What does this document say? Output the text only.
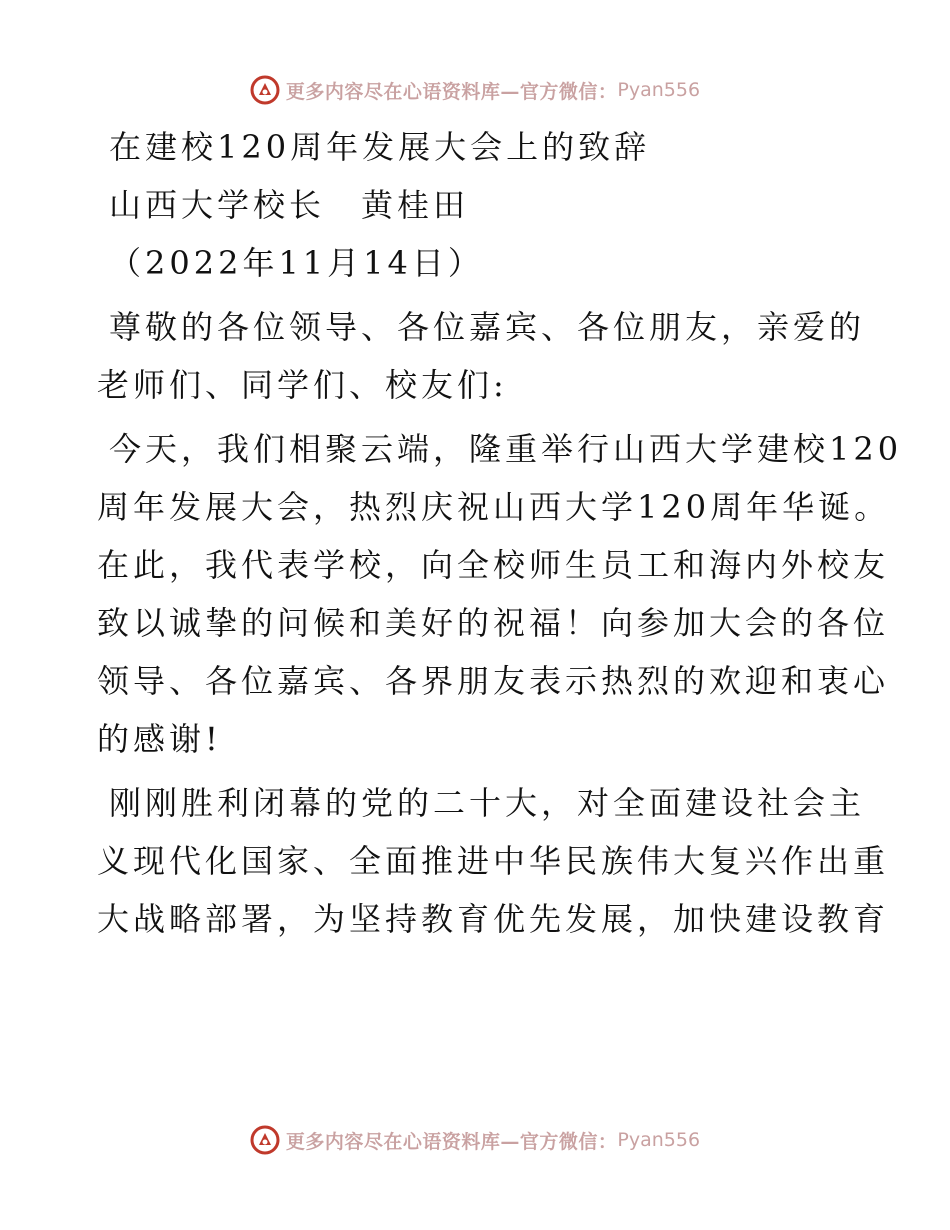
更多内容尽在心语资料库—官方微信： Pyan556
在建校120周年发展大会上的致辞
山西大学校长　黄桂田
（2022年11月14日）
尊敬的各位领导、各位嘉宾、各位朋友，亲爱的
老师们、同学们、校友们:
今天，我们相聚云端，隆重举行山西大学建校120
周年发展大会，热烈庆祝山西大学120周年华诞。
在此，我代表学校，向全校师生员工和海内外校友
致以诚挚的问候和美好的祝福！向参加大会的各位
领导、各位嘉宾、各界朋友表示热烈的欢迎和衷心
的感谢!
刚刚胜利闭幕的党的二十大，对全面建设社会主
义现代化国家、全面推进中华民族伟大复兴作出重
大战略部署，为坚持教育优先发展，加快建设教育
更多内容尽在心语资料库—官方微信： Pyan556
